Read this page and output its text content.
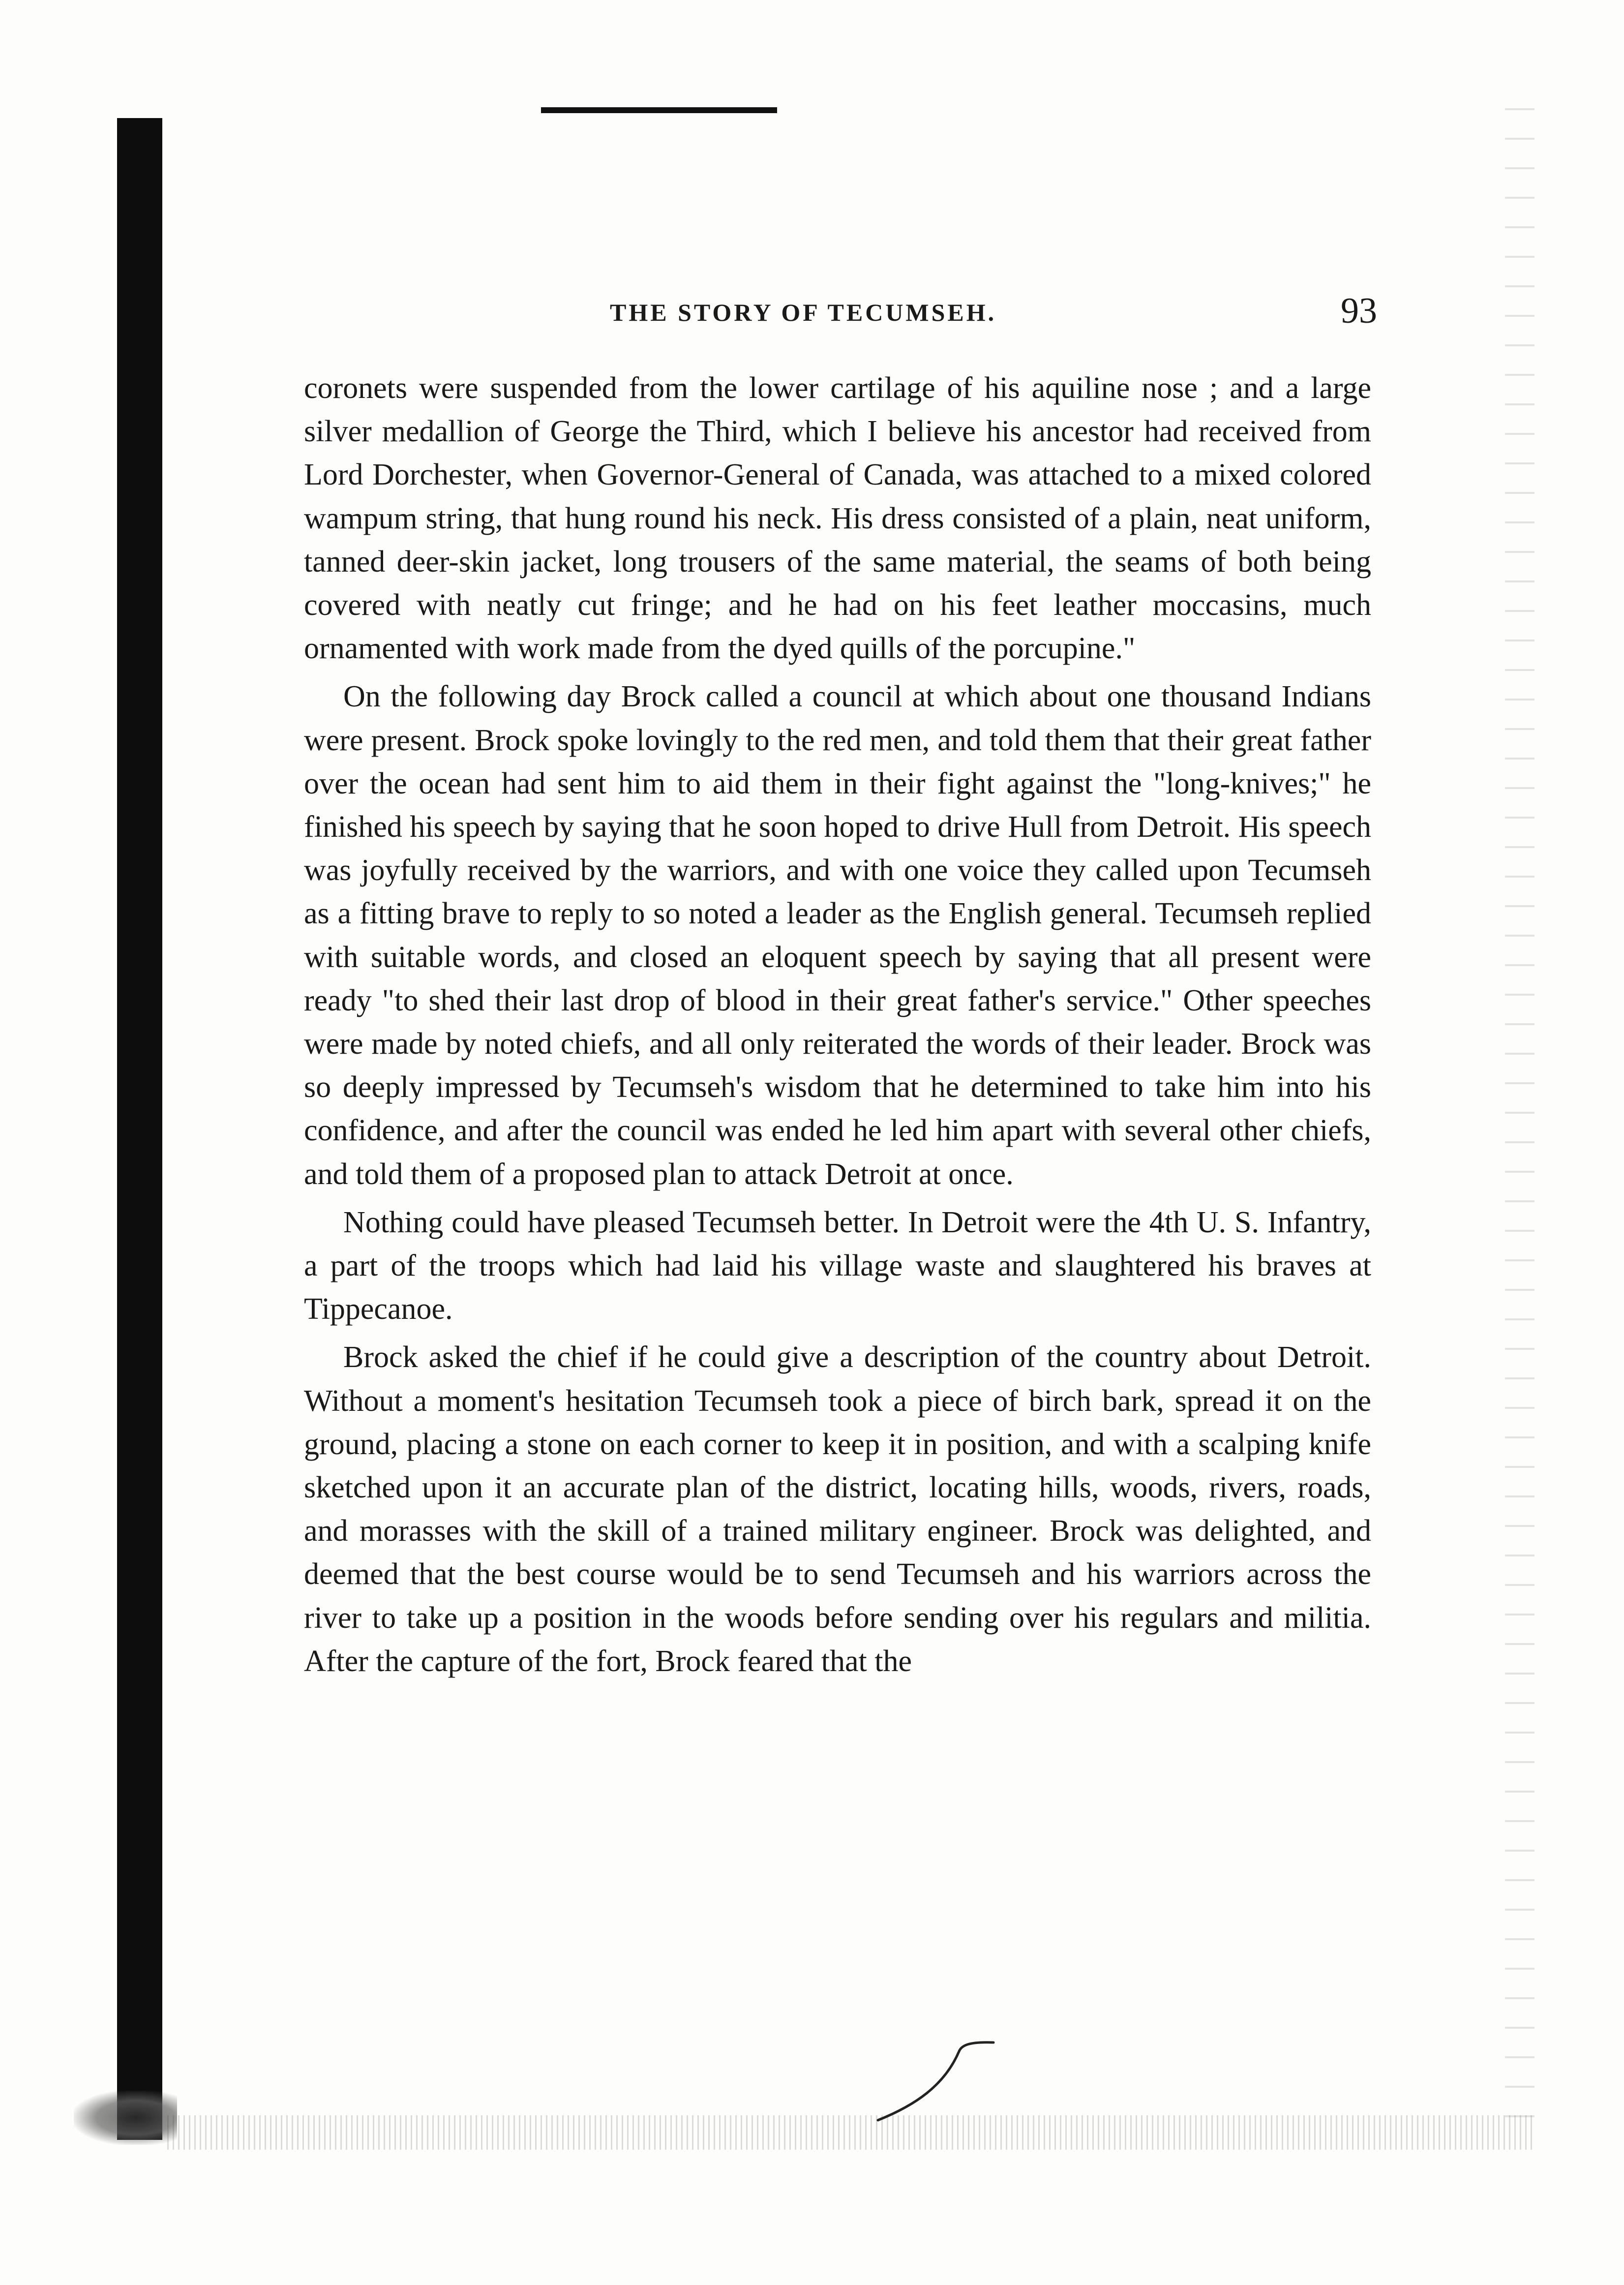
THE STORY OF TECUMSEH.	93

coronets were suspended from the lower cartilage of his aquiline nose ; and a large silver medallion of George the Third, which I believe his ancestor had received from Lord Dorchester, when Governor-General of Canada, was attached to a mixed colored wampum string, that hung round his neck. His dress consisted of a plain, neat uniform, tanned deer-skin jacket, long trousers of the same material, the seams of both being covered with neatly cut fringe; and he had on his feet leather moccasins, much ornamented with work made from the dyed quills of the porcupine."

On the following day Brock called a council at which about one thousand Indians were present. Brock spoke lovingly to the red men, and told them that their great father over the ocean had sent him to aid them in their fight against the "long-knives;" he finished his speech by saying that he soon hoped to drive Hull from Detroit. His speech was joyfully received by the warriors, and with one voice they called upon Tecumseh as a fitting brave to reply to so noted a leader as the English general. Tecumseh replied with suitable words, and closed an eloquent speech by saying that all present were ready "to shed their last drop of blood in their great father's service." Other speeches were made by noted chiefs, and all only reiterated the words of their leader. Brock was so deeply impressed by Tecumseh's wisdom that he determined to take him into his confidence, and after the council was ended he led him apart with several other chiefs, and told them of a proposed plan to attack Detroit at once.

Nothing could have pleased Tecumseh better. In Detroit were the 4th U. S. Infantry, a part of the troops which had laid his village waste and slaughtered his braves at Tippecanoe.

Brock asked the chief if he could give a description of the country about Detroit. Without a moment's hesitation Tecumseh took a piece of birch bark, spread it on the ground, placing a stone on each corner to keep it in position, and with a scalping knife sketched upon it an accurate plan of the district, locating hills, woods, rivers, roads, and morasses with the skill of a trained military engineer. Brock was delighted, and deemed that the best course would be to send Tecumseh and his warriors across the river to take up a position in the woods before sending over his regulars and militia. After the capture of the fort, Brock feared that the
